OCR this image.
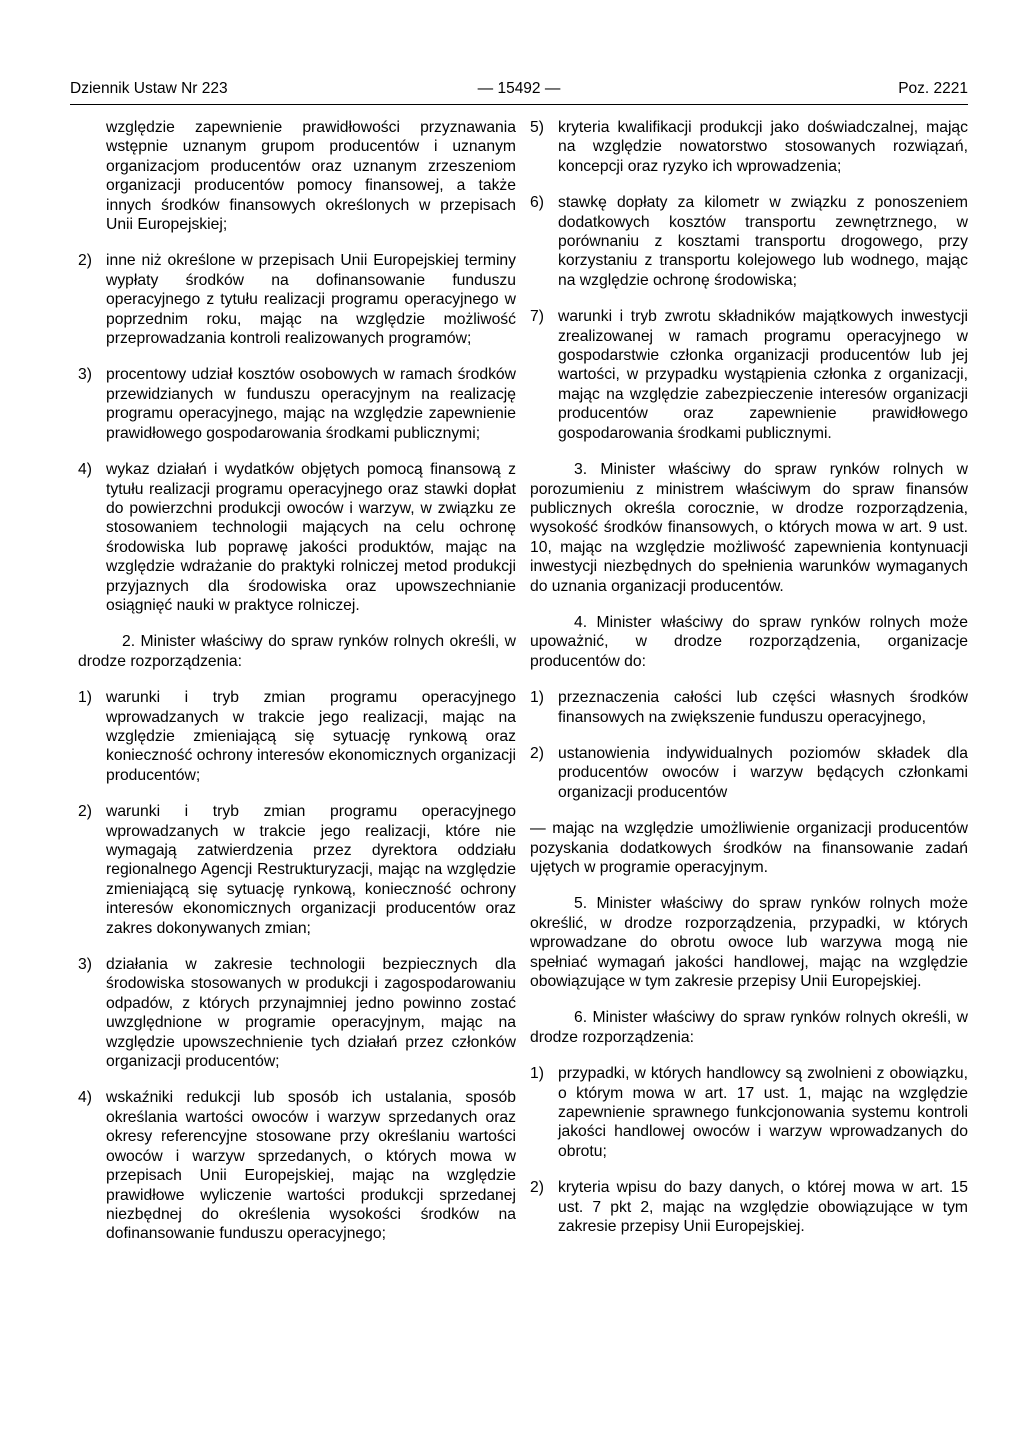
Dziennik Ustaw Nr 223	— 15492 —	Poz. 2221

względzie zapewnienie prawidłowości przyznawania wstępnie uznanym grupom producentów i uznanym organizacjom producentów oraz uznanym zrzeszeniom organizacji producentów pomocy finansowej, a także innych środków finansowych określonych w przepisach Unii Europejskiej;

2) inne niż określone w przepisach Unii Europejskiej terminy wypłaty środków na dofinansowanie funduszu operacyjnego z tytułu realizacji programu operacyjnego w poprzednim roku, mając na względzie możliwość przeprowadzania kontroli realizowanych programów;
3) procentowy udział kosztów osobowych w ramach środków przewidzianych w funduszu operacyjnym na realizację programu operacyjnego, mając na względzie zapewnienie prawidłowego gospodarowania środkami publicznymi;
4) wykaz działań i wydatków objętych pomocą finansową z tytułu realizacji programu operacyjnego oraz stawki dopłat do powierzchni produkcji owoców i warzyw, w związku ze stosowaniem technologii mających na celu ochronę środowiska lub poprawę jakości produktów, mając na względzie wdrażanie do praktyki rolniczej metod produkcji przyjaznych dla środowiska oraz upowszechnianie osiągnięć nauki w praktyce rolniczej.

2. Minister właściwy do spraw rynków rolnych określi, w drodze rozporządzenia:

1) warunki i tryb zmian programu operacyjnego wprowadzanych w trakcie jego realizacji, mając na względzie zmieniającą się sytuację rynkową oraz konieczność ochrony interesów ekonomicznych organizacji producentów;
2) warunki i tryb zmian programu operacyjnego wprowadzanych w trakcie jego realizacji, które nie wymagają zatwierdzenia przez dyrektora oddziału regionalnego Agencji Restrukturyzacji, mając na względzie zmieniającą się sytuację rynkową, konieczność ochrony interesów ekonomicznych organizacji producentów oraz zakres dokonywanych zmian;
3) działania w zakresie technologii bezpiecznych dla środowiska stosowanych w produkcji i zagospodarowaniu odpadów, z których przynajmniej jedno powinno zostać uwzględnione w programie operacyjnym, mając na względzie upowszechnienie tych działań przez członków organizacji producentów;
4) wskaźniki redukcji lub sposób ich ustalania, sposób określania wartości owoców i warzyw sprzedanych oraz okresy referencyjne stosowane przy określaniu wartości owoców i warzyw sprzedanych, o których mowa w przepisach Unii Europejskiej, mając na względzie prawidłowe wyliczenie wartości produkcji sprzedanej niezbędnej do określenia wysokości środków na dofinansowanie funduszu operacyjnego;
5) kryteria kwalifikacji produkcji jako doświadczalnej, mając na względzie nowatorstwo stosowanych rozwiązań, koncepcji oraz ryzyko ich wprowadzenia;
6) stawkę dopłaty za kilometr w związku z ponoszeniem dodatkowych kosztów transportu zewnętrznego, w porównaniu z kosztami transportu drogowego, przy korzystaniu z transportu kolejowego lub wodnego, mając na względzie ochronę środowiska;
7) warunki i tryb zwrotu składników majątkowych inwestycji zrealizowanej w ramach programu operacyjnego w gospodarstwie członka organizacji producentów lub jej wartości, w przypadku wystąpienia członka z organizacji, mając na względzie zabezpieczenie interesów organizacji producentów oraz zapewnienie prawidłowego gospodarowania środkami publicznymi.

3. Minister właściwy do spraw rynków rolnych w porozumieniu z ministrem właściwym do spraw finansów publicznych określa corocznie, w drodze rozporządzenia, wysokość środków finansowych, o których mowa w art. 9 ust. 10, mając na względzie możliwość zapewnienia kontynuacji inwestycji niezbędnych do spełnienia warunków wymaganych do uznania organizacji producentów.

4. Minister właściwy do spraw rynków rolnych może upoważnić, w drodze rozporządzenia, organizacje producentów do:

1) przeznaczenia całości lub części własnych środków finansowych na zwiększenie funduszu operacyjnego,
2) ustanowienia indywidualnych poziomów składek dla producentów owoców i warzyw będących członkami organizacji producentów

— mając na względzie umożliwienie organizacji producentów pozyskania dodatkowych środków na finansowanie zadań ujętych w programie operacyjnym.

5. Minister właściwy do spraw rynków rolnych może określić, w drodze rozporządzenia, przypadki, w których wprowadzane do obrotu owoce lub warzywa mogą nie spełniać wymagań jakości handlowej, mając na względzie obowiązujące w tym zakresie przepisy Unii Europejskiej.

6. Minister właściwy do spraw rynków rolnych określi, w drodze rozporządzenia:

1) przypadki, w których handlowcy są zwolnieni z obowiązku, o którym mowa w art. 17 ust. 1, mając na względzie zapewnienie sprawnego funkcjonowania systemu kontroli jakości handlowej owoców i warzyw wprowadzanych do obrotu;
2) kryteria wpisu do bazy danych, o której mowa w art. 15 ust. 7 pkt 2, mając na względzie obowiązujące w tym zakresie przepisy Unii Europejskiej.
